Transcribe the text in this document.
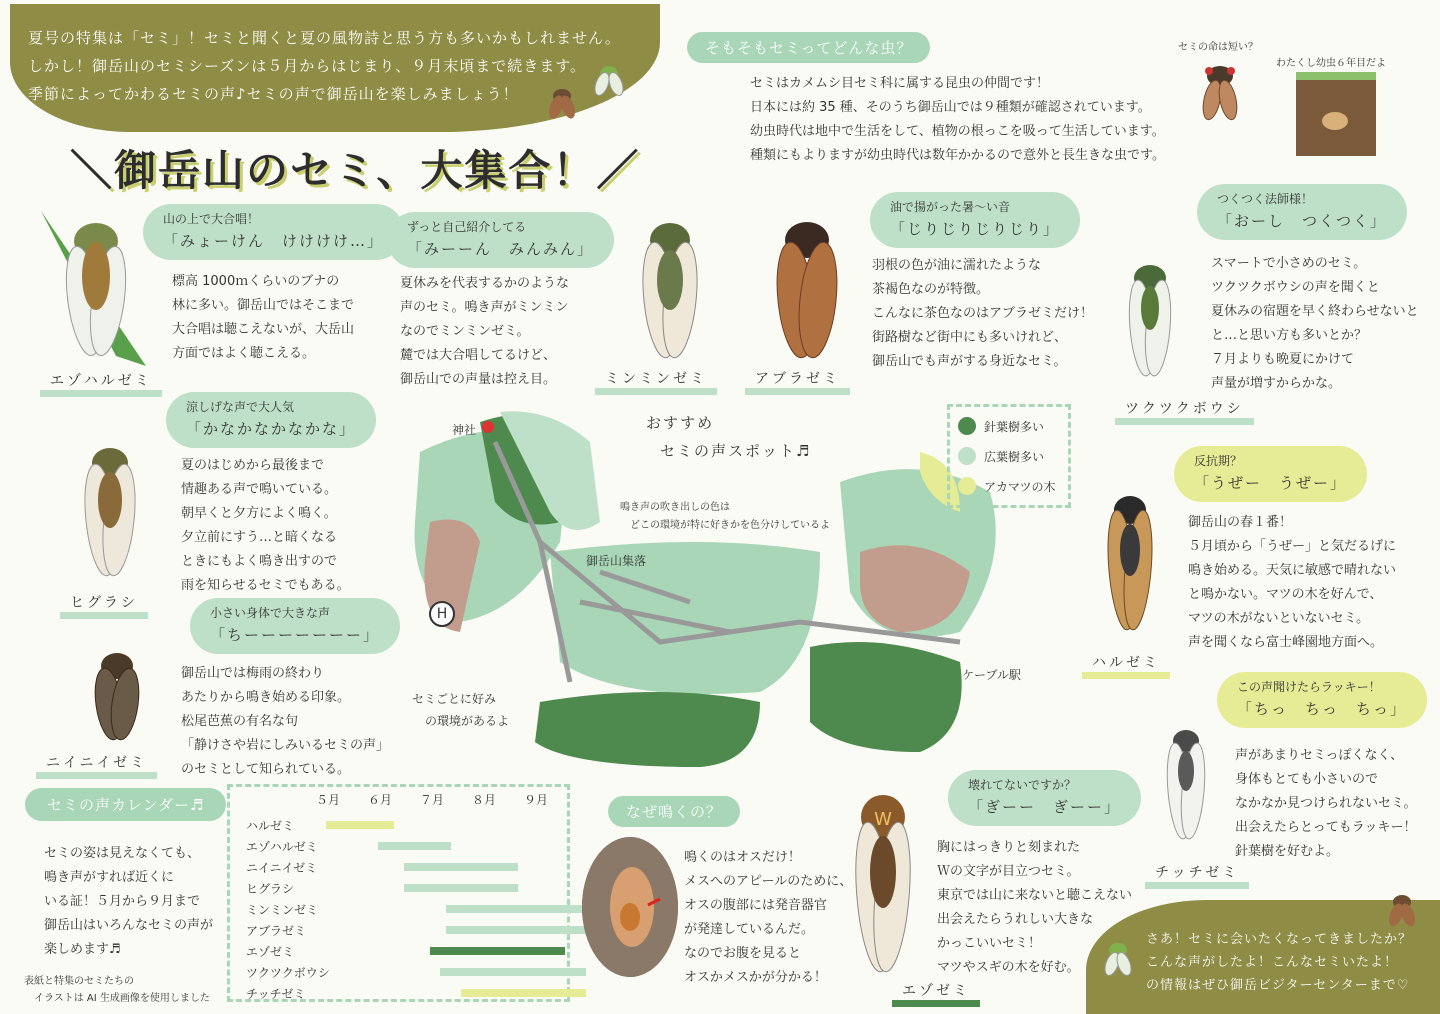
夏号の特集は「セミ」！セミと聞くと夏の風物詩と思う方も多いかもしれません。

しかし！御岳山のセミシーズンは５月からはじまり、９月末頃まで続きます。

季節によってかわるセミの声♪セミの声で御岳山を楽しみましょう！

＼御岳山のセミ、大集合！／
そもそもセミってどんな虫？

セミはカメムシ目セミ科に属する昆虫の仲間です！

日本には約 35 種、そのうち御岳山では９種類が確認されています。

幼虫時代は地中で生活をして、植物の根っこを吸って生活しています。

種類にもよりますが幼虫時代は数年かかるので意外と長生きな虫です。

セミの命は短い？
わたくし幼虫６年目だよ
エゾハルゼミ
山の上で大合唱！
「みょーけん　けけけけ…」

標高 1000ｍくらいのブナの

林に多い。御岳山ではそこまで

大合唱は聴こえないが、大岳山

方面ではよく聴こえる。

ずっと自己紹介してる
「みーーん　みんみん」

夏休みを代表するかのような

声のセミ。鳴き声がミンミン

なのでミンミンゼミ。

麓では大合唱してるけど、

御岳山での声量は控え目。	ミンミンゼミ	アブラゼミ
油で揚がった暑～い音
「じりじりじりじり」

羽根の色が油に濡れたような

茶褐色なのが特徴。

こんなに茶色なのはアブラゼミだけ！

街路樹など街中にも多いけれど、

御岳山でも声がする身近なセミ。

つくつく法師様！
「おーし　つくつく」

スマートで小さめのセミ。

ツクツクボウシの声を聞くと

夏休みの宿題を早く終わらせないと

と…と思い方も多いとか？

７月よりも晩夏にかけて

声量が増すからかな。

ツクツクボウシ
涼しげな声で大人気
「かなかなかなかな」

夏のはじめから最後まで

情趣ある声で鳴いている。

朝早くと夕方によく鳴く。

夕立前にすう…と暗くなる

ときにもよく鳴き出すので

雨を知らせるセミでもある。

ヒグラシ
小さい身体で大きな声
「ちーーーーーーー」

御岳山では梅雨の終わり

あたりから鳴き始める印象。

松尾芭蕉の有名な句

「静けさや岩にしみいるセミの声」

のセミとして知られている。

ニイニイゼミ
神社	おすすめ
セミの声スポット♬
鳴き声の吹き出しの色は
どこの環境が特に好きかを色分けしているよ
御岳山集落
ケーブル駅
H
セミごとに好み
の環境があるよ
針葉樹多い
広葉樹多い
アカマツの木
反抗期？
「うぜー　うぜー」

御岳山の春１番！

５月頃から「うぜー」と気だるげに

鳴き始める。天気に敏感で晴れない

と鳴かない。マツの木を好んで、

マツの木がないといないセミ。

声を聞くなら富士峰園地方面へ。

ハルゼミ
この声聞けたらラッキー！
「ちっ　ちっ　ちっ」

声があまりセミっぽくなく、

身体もとても小さいので

なかなか見つけられないセミ。

出会えたらとってもラッキー！

針葉樹を好むよ。

チッチゼミ
壊れてないですか？
「ぎーー　ぎーー」

胸にはっきりと刻まれた

Ｗの文字が目立つセミ。

東京では山に来ないと聴こえない

出会えたらうれしい大きな

かっこいいセミ！

マツやスギの木を好む。

W
エゾゼミ
セミの声カレンダー♬

セミの姿は見えなくても、

鳴き声がすれば近くに

いる証！５月から９月まで

御岳山はいろんなセミの声が

楽しめます♬

表紙と特集のセミたちの
イラストは AI 生成画像を使用しました
５月 ６月 ７月 ８月 ９月
ハルゼミ
エゾハルゼミ
ニイニイゼミ
ヒグラシ
ミンミンゼミ
アブラゼミ
エゾゼミ
ツクツクボウシ
チッチゼミ
なぜ鳴くの？

鳴くのはオスだけ！

メスへのアピールのために、

オスの腹部には発音器官

が発達しているんだ。

なのでお腹を見ると

オスかメスかが分かる！

さあ！セミに会いたくなってきましたか？

こんな声がしたよ！こんなセミいたよ！

の情報はぜひ御岳ビジターセンターまで♡
